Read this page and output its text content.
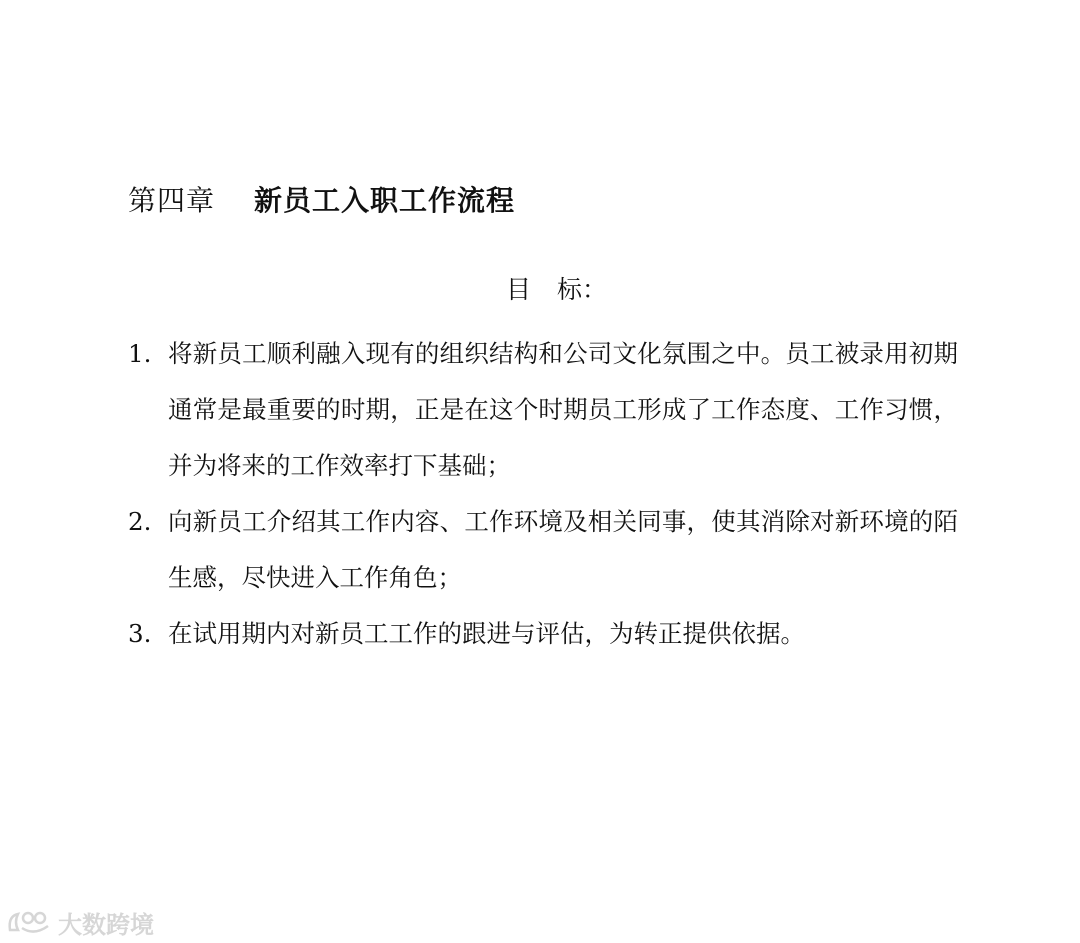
第四章	新员工入职工作流程
目 标：
1. 将新员工顺利融入现有的组织结构和公司文化氛围之中。员工被录用初期通常是最重要的时期，正是在这个时期员工形成了工作态度、工作习惯，并为将来的工作效率打下基础；
2. 向新员工介绍其工作内容、工作环境及相关同事，使其消除对新环境的陌生感，尽快进入工作角色；
3. 在试用期内对新员工工作的跟进与评估，为转正提供依据。
大数跨境
